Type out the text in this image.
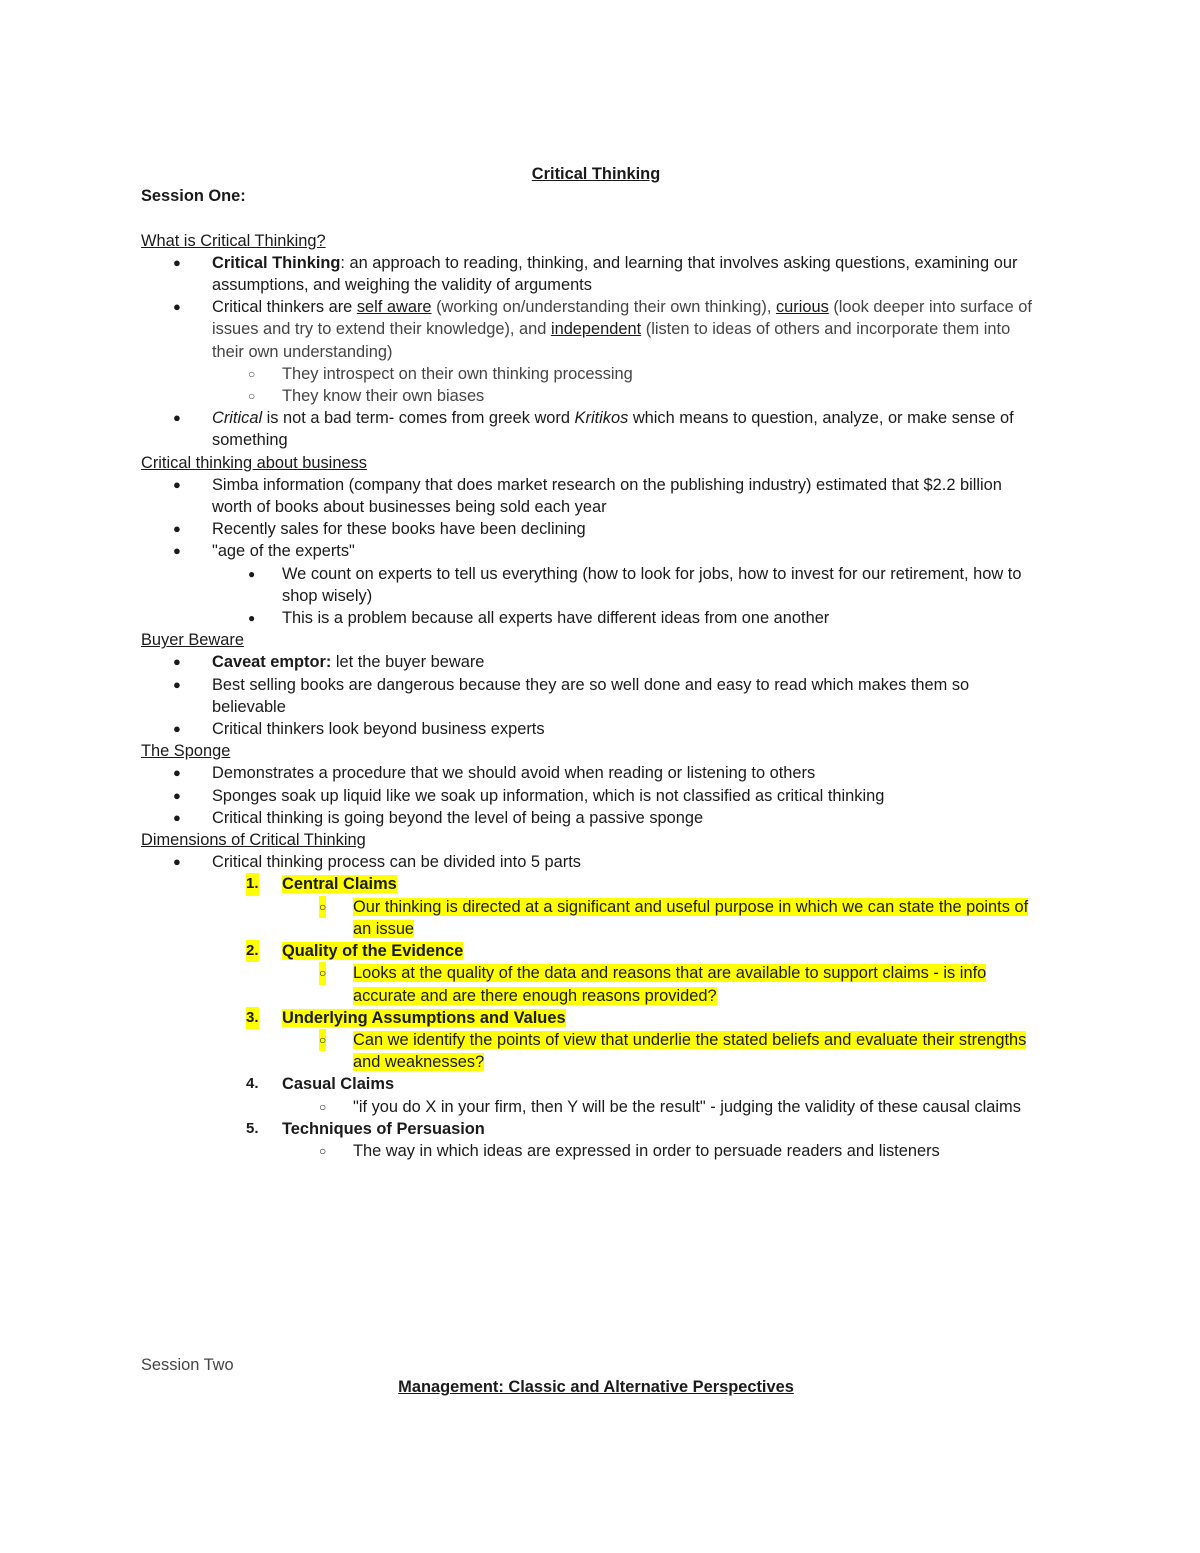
Critical Thinking
Session One:
What is Critical Thinking?
● Critical Thinking: an approach to reading, thinking, and learning that involves asking questions, examining our
assumptions, and weighing the validity of arguments
● Critical thinkers are self aware (working on/understanding their own thinking), curious (look deeper into surface of
issues and try to extend their knowledge), and independent (listen to ideas of others and incorporate them into
their own understanding)
○ They introspect on their own thinking processing
○ They know their own biases
● Critical is not a bad term- comes from greek word Kritikos which means to question, analyze, or make sense of
something
Critical thinking about business
● Simba information (company that does market research on the publishing industry) estimated that $2.2 billion
worth of books about businesses being sold each year
● Recently sales for these books have been declining
● "age of the experts"
● We count on experts to tell us everything (how to look for jobs, how to invest for our retirement, how to
shop wisely)
● This is a problem because all experts have different ideas from one another
Buyer Beware
● Caveat emptor: let the buyer beware
● Best selling books are dangerous because they are so well done and easy to read which makes them so
believable
● Critical thinkers look beyond business experts
The Sponge
● Demonstrates a procedure that we should avoid when reading or listening to others
● Sponges soak up liquid like we soak up information, which is not classified as critical thinking
● Critical thinking is going beyond the level of being a passive sponge
Dimensions of Critical Thinking
● Critical thinking process can be divided into 5 parts
1. Central Claims
○ Our thinking is directed at a significant and useful purpose in which we can state the points of
an issue
2. Quality of the Evidence
○ Looks at the quality of the data and reasons that are available to support claims - is info
accurate and are there enough reasons provided?
3. Underlying Assumptions and Values
○ Can we identify the points of view that underlie the stated beliefs and evaluate their strengths
and weaknesses?
4. Casual Claims
○ "if you do X in your firm, then Y will be the result" - judging the validity of these causal claims
5. Techniques of Persuasion
○ The way in which ideas are expressed in order to persuade readers and listeners
Session Two
Management: Classic and Alternative Perspectives
